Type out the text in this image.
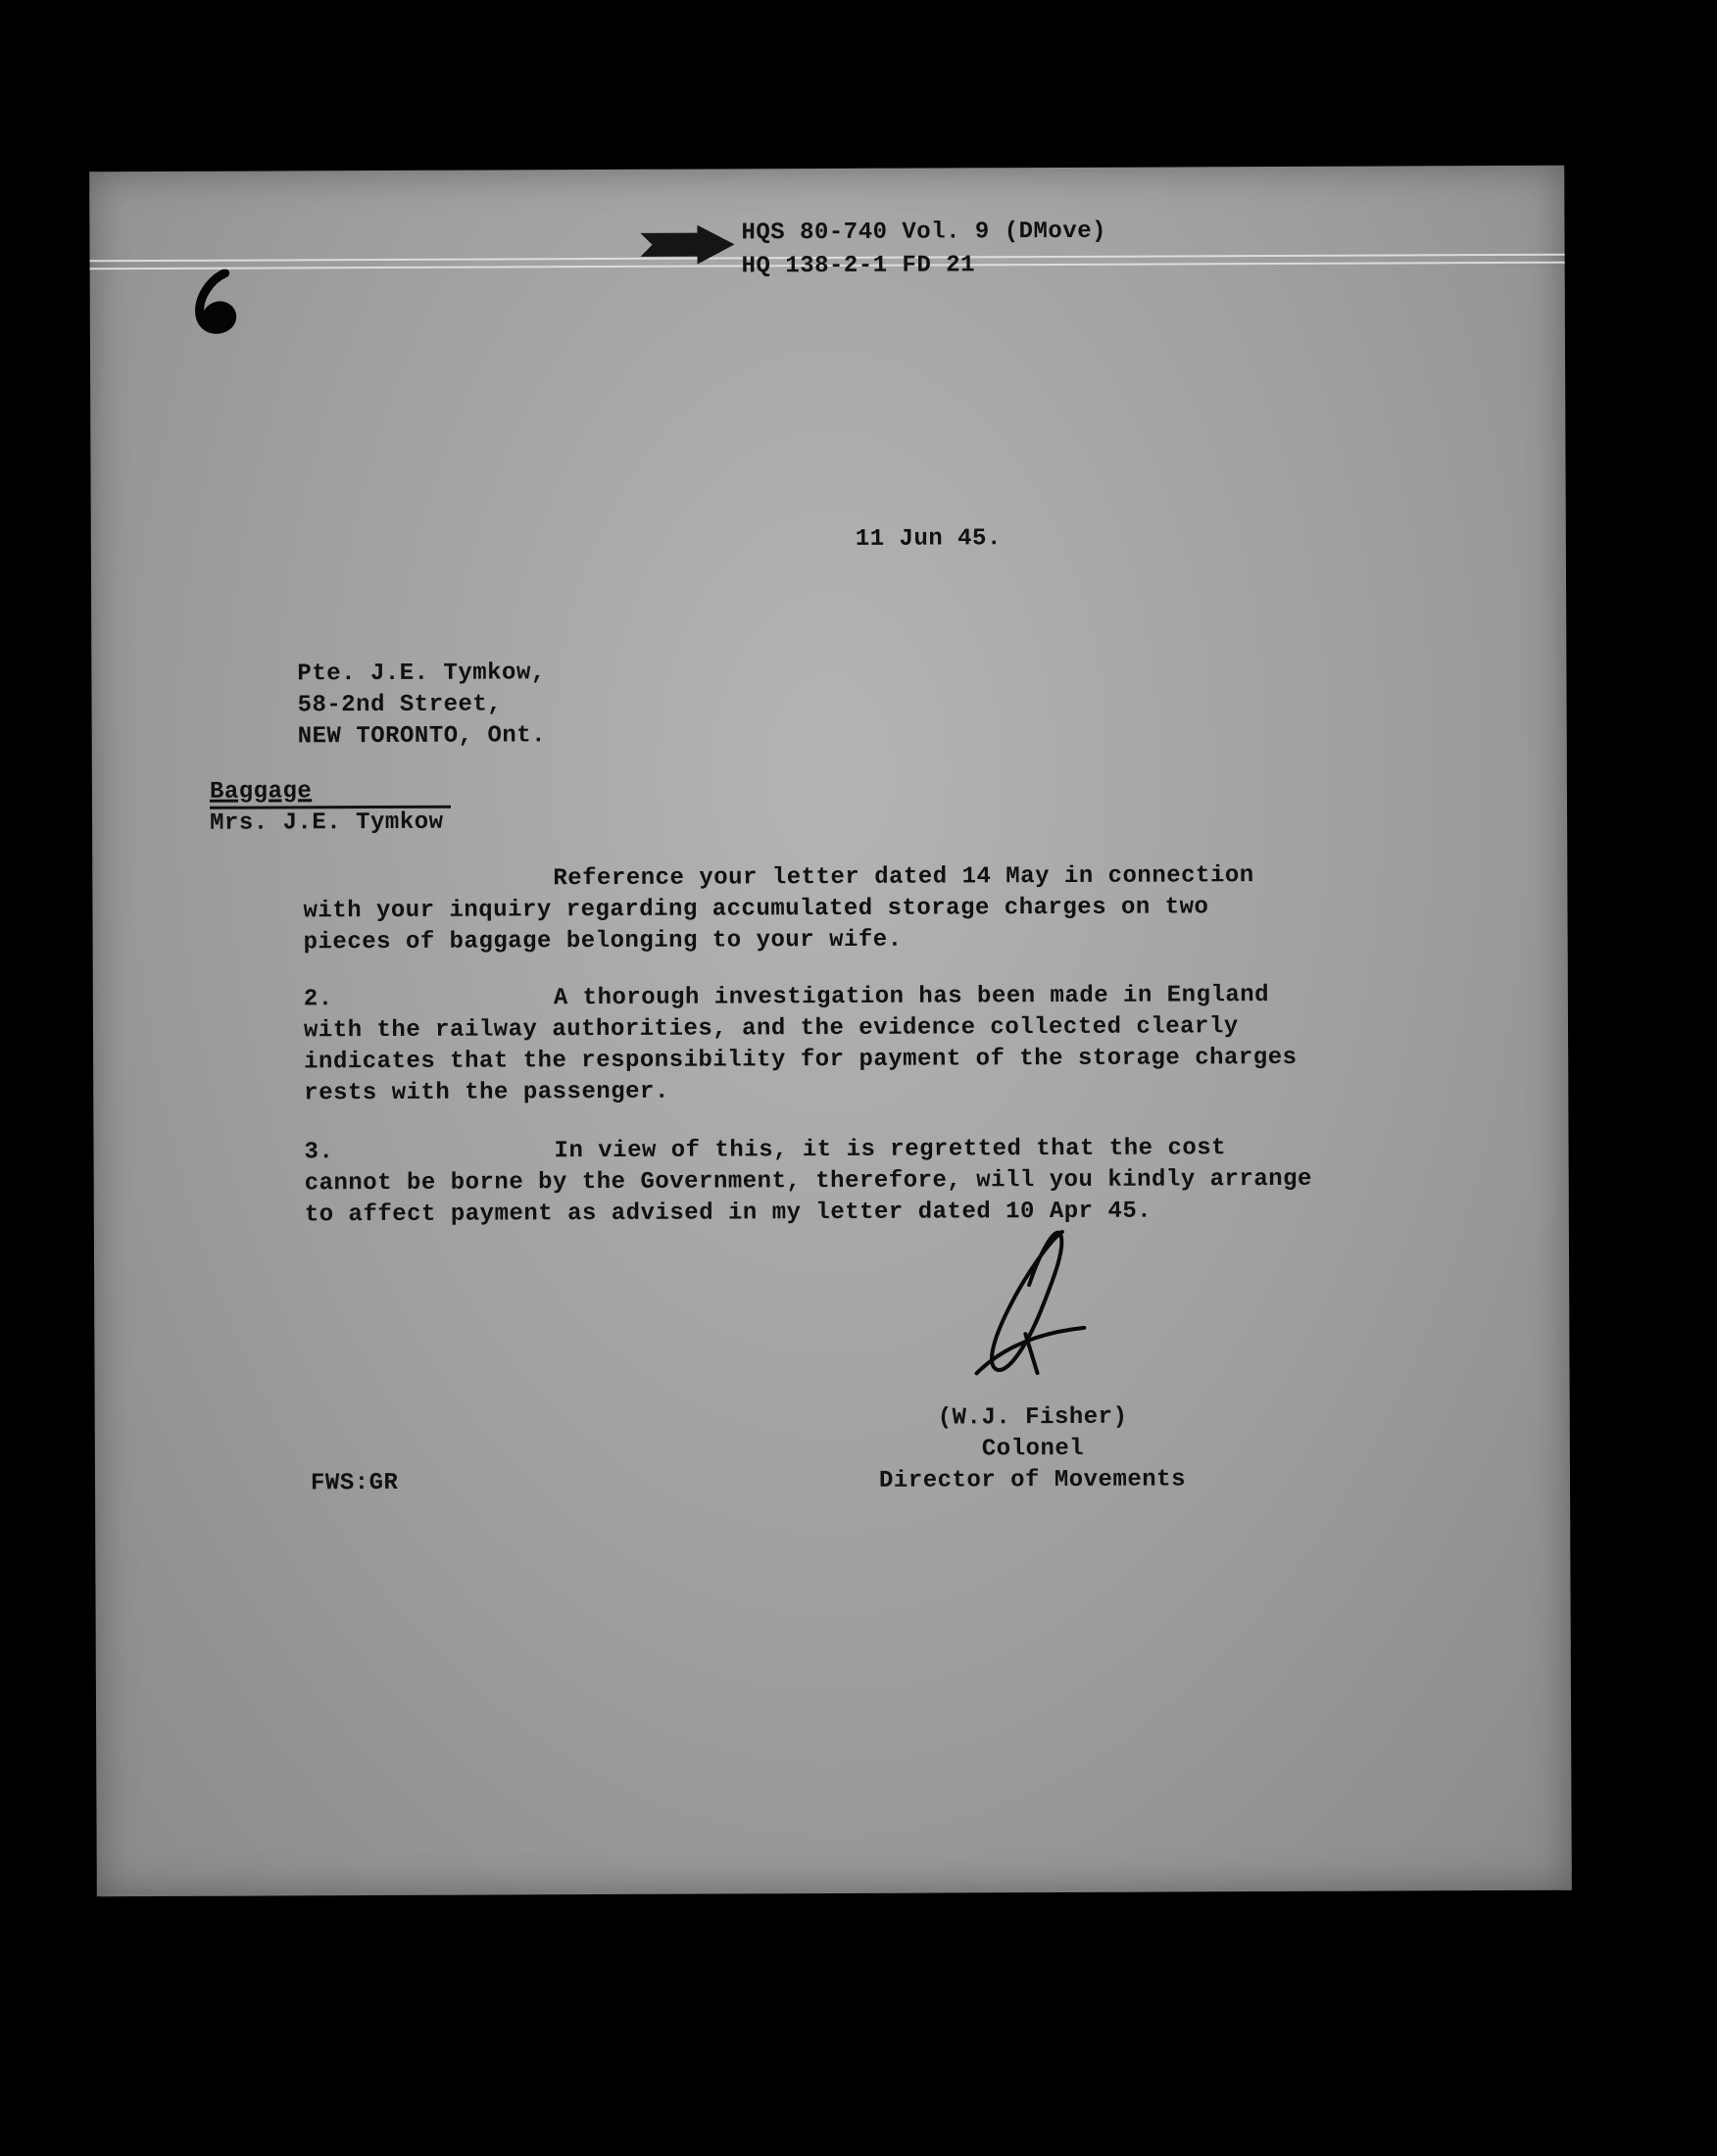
HQS 80-740 Vol. 9 (DMove)
HQ 138-2-1 FD 21
11 Jun 45.
Pte. J.E. Tymkow,
58-2nd Street,
NEW TORONTO, Ont.
Baggage
Mrs. J.E. Tymkow
Reference your letter dated 14 May in connection
with your inquiry regarding accumulated storage charges on two
pieces of baggage belonging to your wife.
2.	A thorough investigation has been made in England
with the railway authorities, and the evidence collected clearly
indicates that the responsibility for payment of the storage charges
rests with the passenger.
3.	In view of this, it is regretted that the cost
cannot be borne by the Government, therefore, will you kindly arrange
to affect payment as advised in my letter dated 10 Apr 45.
(W.J. Fisher)
Colonel
Director of Movements
FWS:GR
